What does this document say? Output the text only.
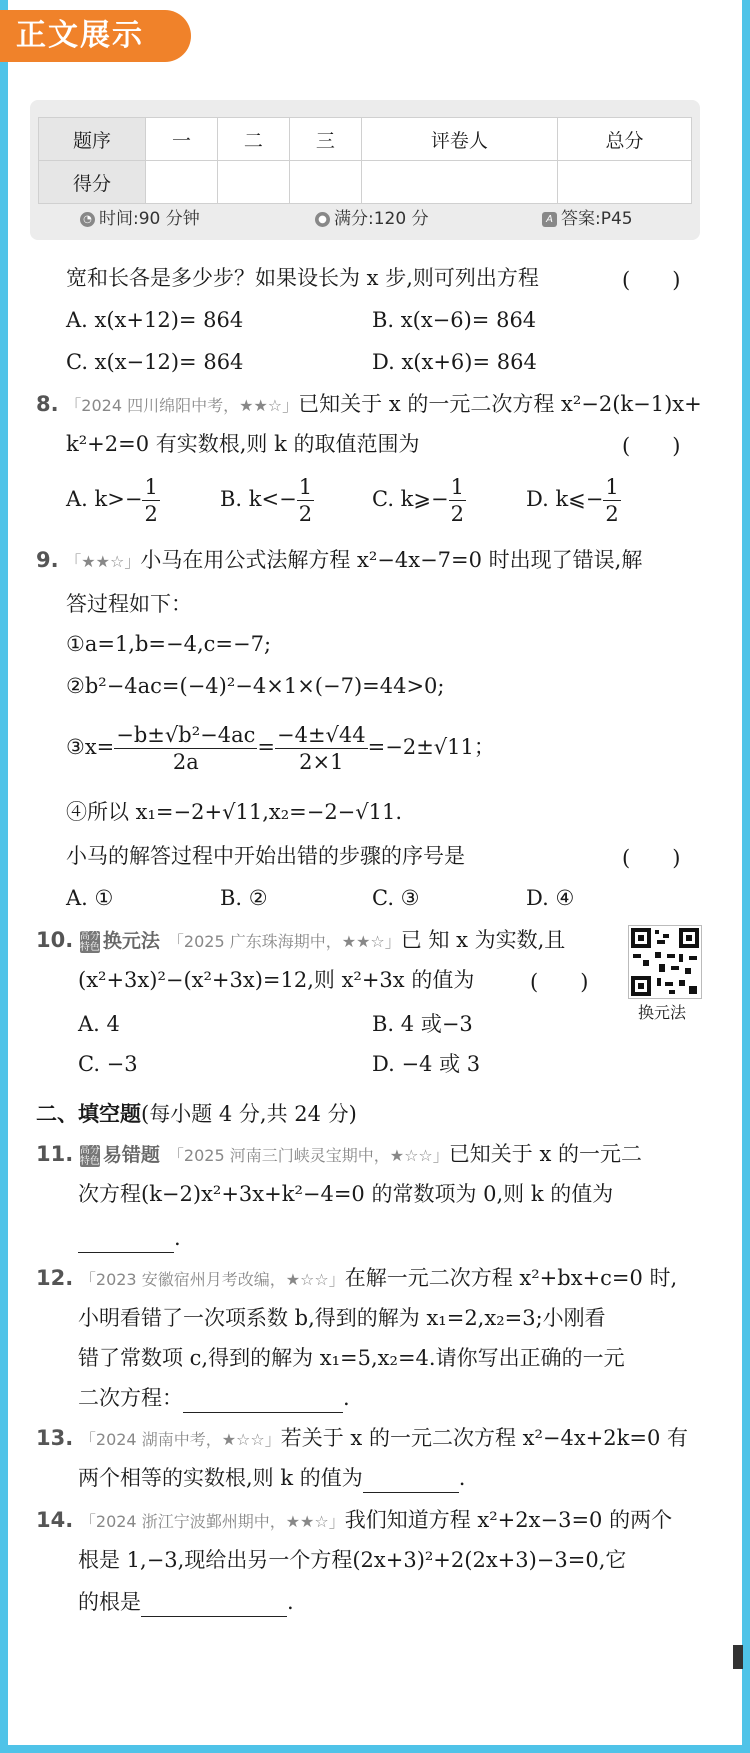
正文展示
题序	一	二	三	评卷人	总分
得分					
◔ 时间:90 分钟	● 满分:120 分	A 答案:P45
宽和长各是多少步？如果设长为 x 步,则可列出方程	(　　)
A. x(x+12)= 864	B. x(x−6)= 864
C. x(x−12)= 864	D. x(x+6)= 864
8. 「2024 四川绵阳中考，★★☆」已知关于 x 的一元二次方程 x²−2(k−1)x+
k²+2=0 有实数根,则 k 的取值范围为	(　　)
A. $k>- \frac{1}{2}$	B. $k<- \frac{1}{2}$	C. k⩾− $\frac{1}{2}$	D. k⩽− $\frac{1}{2}$
9. 「★★☆」小马在用公式法解方程 x²−4x−7=0 时出现了错误,解
答过程如下：
①a=1,b=−4,c=−7;
②b²−4ac=(−4)²−4×1×(−7)=44>0;
③x= $\frac{\text{−b±√b²−4ac}}{2a} = \frac{-4\pm√44}{2\times 1} =-2\pm√11$；
④所以 x₁=−2+√11,x₂=−2−√11.
小马的解答过程中开始出错的步骤的序号是	(　　)
A. ①	B. ②	C. ③	D. ④
10. 高分
特色 换元法 「2025 广东珠海期中，★★☆」已 知 x 为实数,且
(x²+3x)²−(x²+3x)=12,则 x²+3x 的值为	(　　)
换元法
A. 4	B. 4 或−3
C. −3	D. −4 或 3
二、填空题(每小题 4 分,共 24 分)
11. 高分
特色 易错题 「2025 河南三门峡灵宝期中，★☆☆」已知关于 x 的一元二
次方程(k−2)x²+3x+k²−4=0 的常数项为 0,则 k 的值为
.
12. 「2023 安徽宿州月考改编，★☆☆」在解一元二次方程 x²+bx+c=0 时,
小明看错了一次项系数 b,得到的解为 x₁=2,x₂=3;小刚看
错了常数项 c,得到的解为 x₁=5,x₂=4.请你写出正确的一元
二次方程：	.
13. 「2024 湖南中考，★☆☆」若关于 x 的一元二次方程 x²−4x+2k=0 有
两个相等的实数根,则 k 的值为	.
14. 「2024 浙江宁波鄞州期中，★★☆」我们知道方程 x²+2x−3=0 的两个
根是 1,−3,现给出另一个方程(2x+3)²+2(2x+3)−3=0,它
的根是	.
